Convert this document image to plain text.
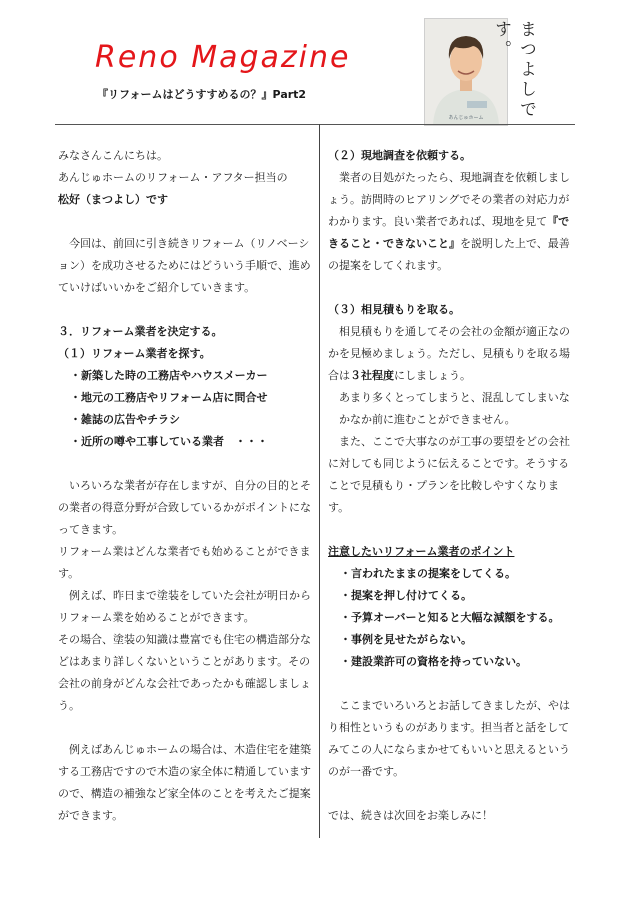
Reno Magazine
『リフォームはどうすすめるの？』Part2
あんじゅホーム まつよしです。

みなさんこんにちは。

あんじゅホームのリフォーム・アフター担当の

松好（まつよし）です

今回は、前回に引き続きリフォーム（リノベーション）を成功させるためにはどういう手順で、進めていけばいいかをご紹介していきます。

３．リフォーム業者を決定する。

（１）リフォーム業者を探す。

・新築した時の工務店やハウスメーカー

・地元の工務店やリフォーム店に問合せ

・雑誌の広告やチラシ

・近所の噂や工事している業者　・・・

いろいろな業者が存在しますが、自分の目的とその業者の得意分野が合致しているかがポイントになってきます。

リフォーム業はどんな業者でも始めることができます。

例えば、昨日まで塗装をしていた会社が明日からリフォーム業を始めることができます。

その場合、塗装の知識は豊富でも住宅の構造部分などはあまり詳しくないということがあります。その会社の前身がどんな会社であったかも確認しましょう。

例えばあんじゅホームの場合は、木造住宅を建築する工務店ですので木造の家全体に精通していますので、構造の補強など家全体のことを考えたご提案ができます。

（２）現地調査を依頼する。

業者の目処がたったら、現地調査を依頼しましょう。訪問時のヒアリングでその業者の対応力がわかります。良い業者であれば、現地を見て『できること・できないこと』を説明した上で、最善の提案をしてくれます。

（３）相見積もりを取る。

相見積もりを通してその会社の金額が適正なのかを見極めましょう。ただし、見積もりを取る場合は３社程度にしましょう。

あまり多くとってしまうと、混乱してしまいなかなか前に進むことができません。

また、ここで大事なのが工事の要望をどの会社に対しても同じように伝えることです。そうすることで見積もり・プランを比較しやすくなります。

注意したいリフォーム業者のポイント

・言われたままの提案をしてくる。

・提案を押し付けてくる。

・予算オーバーと知ると大幅な減額をする。

・事例を見せたがらない。

・建設業許可の資格を持っていない。

ここまでいろいろとお話してきましたが、やはり相性というものがあります。担当者と話をしてみてこの人にならまかせてもいいと思えるというのが一番です。

では、続きは次回をお楽しみに！
